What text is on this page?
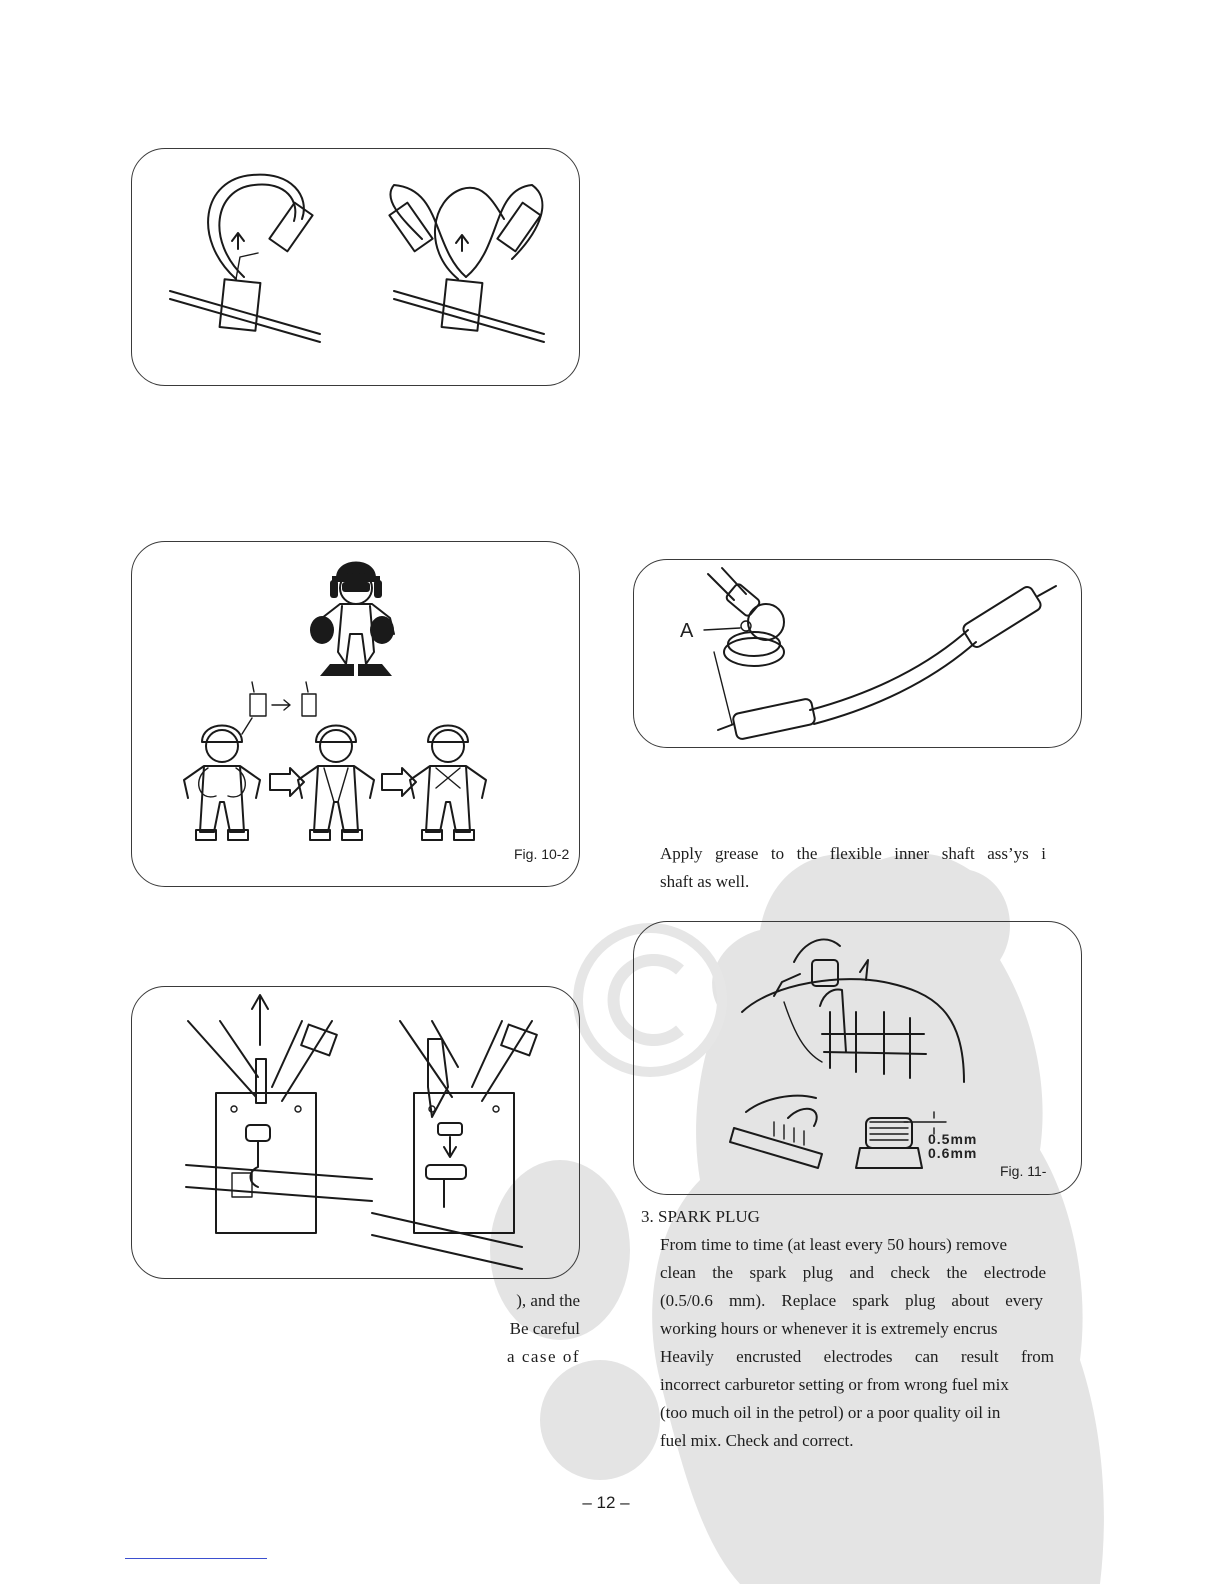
Fig. 10-2
A
Apply grease to the flexible inner shaft ass’ys i
shaft as well.
0.5mm
0.6mm
Fig. 11-
), and the
Be careful
a case of
3. SPARK PLUG
From time to time (at least every 50 hours) remove
clean the spark plug and check the electrode
(0.5/0.6 mm). Replace spark plug about every
working hours or whenever it is extremely encrus
Heavily encrusted electrodes can result from
incorrect carburetor setting or from wrong fuel mix
(too much oil in the petrol) or a poor quality oil in
fuel mix. Check and correct.
– 12 –
